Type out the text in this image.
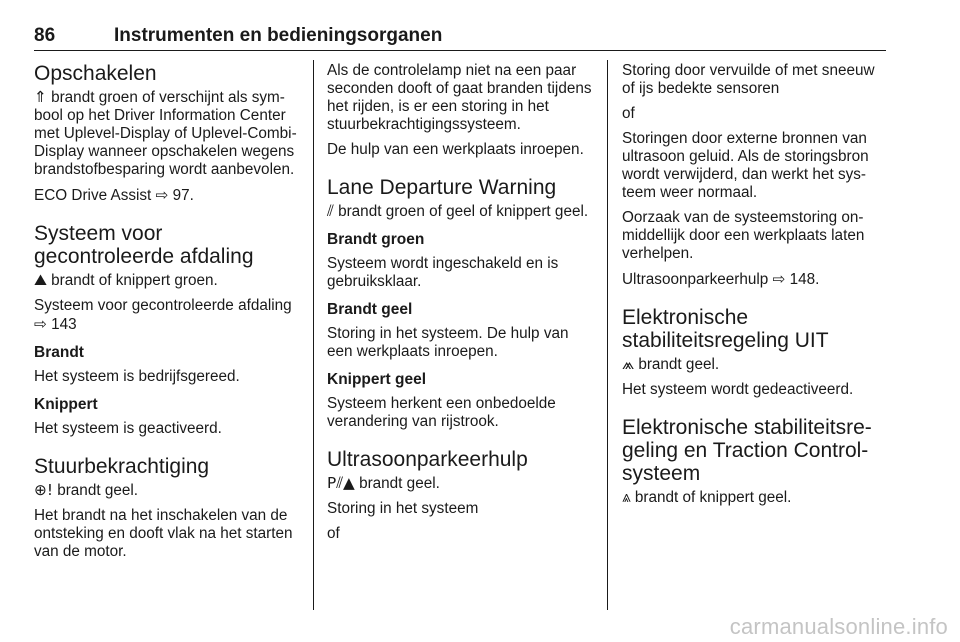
86	Instrumenten en bedieningsorganen
Opschakelen

⇑ brandt groen of verschijnt als symbool op het Driver Information Center met Uplevel-Display of Uplevel-Combi-Display wanneer opschakelen wegens brandstofbesparing wordt aanbevolen.

ECO Drive Assist ⇨ 97.

Systeem voor gecontroleerde afdaling

⛰ brandt of knippert groen.

Systeem voor gecontroleerde afdaling ⇨ 143

Brandt

Het systeem is bedrijfsgereed.

Knippert

Het systeem is geactiveerd.

Stuurbekrachtiging

⊕! brandt geel.

Het brandt na het inschakelen van de ontsteking en dooft vlak na het starten van de motor.

Als de controlelamp niet na een paar seconden dooft of gaat branden tijdens het rijden, is er een storing in het stuurbekrachtigingssysteem.

De hulp van een werkplaats inroepen.

Lane Departure Warning

⫽ brandt groen of geel of knippert geel.

Brandt groen

Systeem wordt ingeschakeld en is gebruiksklaar.

Brandt geel

Storing in het systeem. De hulp van een werkplaats inroepen.

Knippert geel

Systeem herkent een onbedoelde verandering van rijstrook.

Ultrasoonparkeerhulp

P⫽▲ brandt geel.

Storing in het systeem

of

Storing door vervuilde of met sneeuw of ijs bedekte sensoren

of

Storingen door externe bronnen van ultrasoon geluid. Als de storingsbron wordt verwijderd, dan werkt het systeem weer normaal.

Oorzaak van de systeemstoring onmiddellijk door een werkplaats laten verhelpen.

Ultrasoonparkeerhulp ⇨ 148.

Elektronische stabiliteitsregeling UIT

⩕ brandt geel.

Het systeem wordt gedeactiveerd.

Elektronische stabiliteitsregeling en Traction Control-systeem

⩓ brandt of knippert geel.

carmanualsonline.info
